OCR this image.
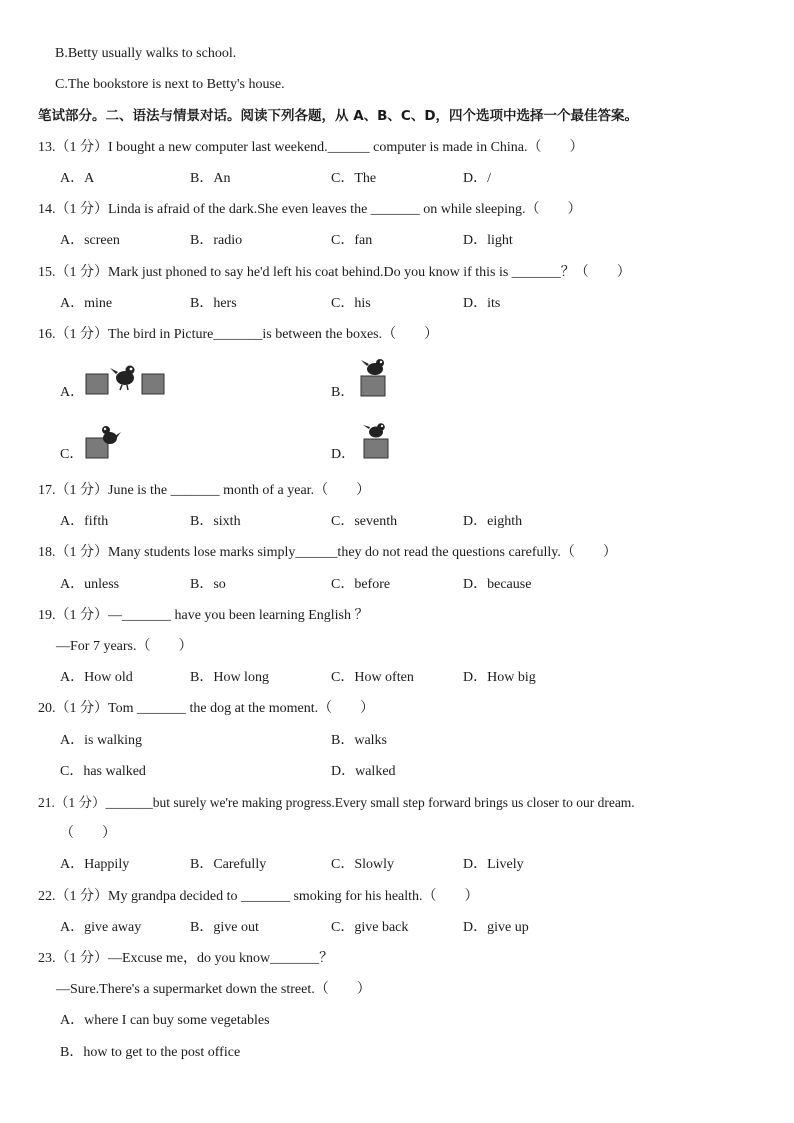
B.Betty usually walks to school.
C.The bookstore is next to Betty's house.
笔试部分。二、语法与情景对话。阅读下列各题，从 A、B、C、D，四个选项中选择一个最佳答案。
13.（1 分）I bought a new computer last weekend.______ computer is made in China.（　　）
A．A	B．An	C．The	D．/
14.（1 分）Linda is afraid of the dark.She even leaves the _______ on while sleeping.（　　）
A．screen	B．radio	C．fan	D．light
15.（1 分）Mark just phoned to say he'd left his coat behind.Do you know if this is _______？（　　）
A．mine	B．hers	C．his	D．its
16.（1 分）The bird in Picture_______is between the boxes.（　　）
A．	B．
C．	D．
17.（1 分）June is the _______ month of a year.（　　）
A．fifth	B．sixth	C．seventh	D．eighth
18.（1 分）Many students lose marks simply______they do not read the questions carefully.（　　）
A．unless	B．so	C．before	D．because
19.（1 分）—_______ have you been learning English ？
—For 7 years.（　　）
A．How old	B．How long	C．How often	D．How big
20.（1 分）Tom _______ the dog at the moment.（　　）
A．is walking	B．walks
C．has walked	D．walked
21.（1 分）_______but surely we're making progress.Every small step forward brings us closer to our dream.
（　　）
A．Happily	B．Carefully	C．Slowly	D．Lively
22.（1 分）My grandpa decided to _______ smoking for his health.（　　）
A．give away	B．give out	C．give back	D．give up
23.（1 分）—Excuse me，do you know_______？
—Sure.There's a supermarket down the street.（　　）
A．where I can buy some vegetables
B．how to get to the post office
